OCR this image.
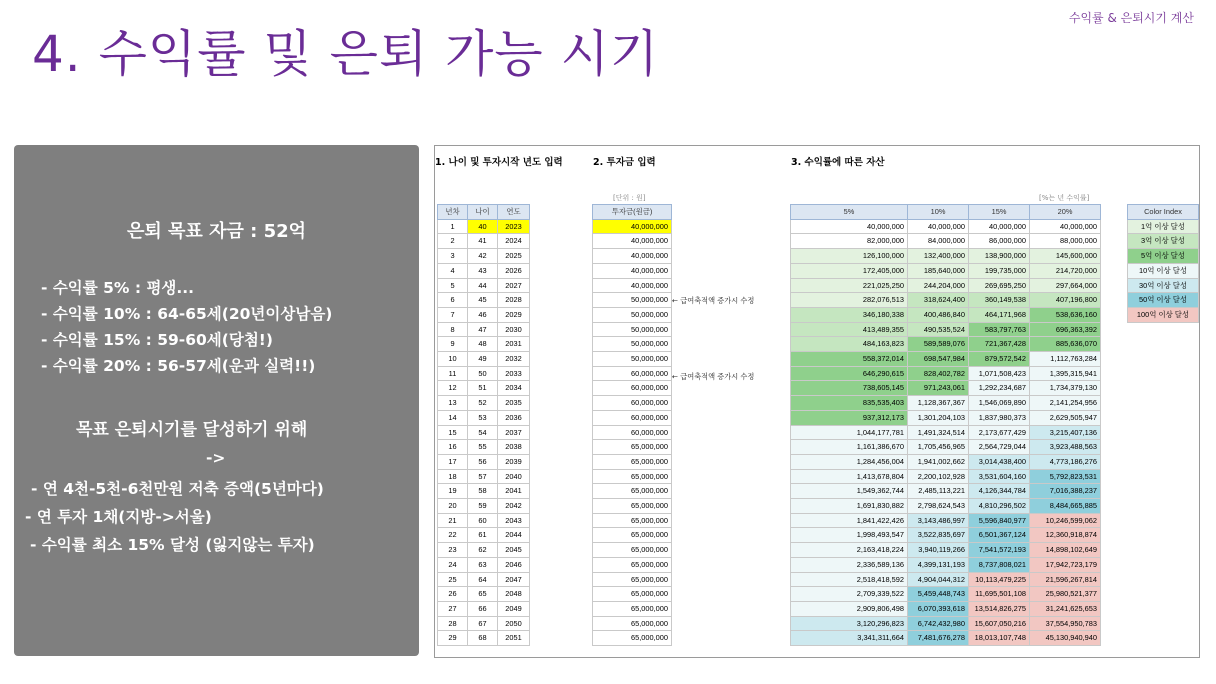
수익률 & 은퇴시기 계산
4. 수익률 및 은퇴 가능 시기
은퇴 목표 자금 : 52억
- 수익률 5% : 평생...
- 수익률 10% : 64-65세(20년이상남음)
- 수익률 15% : 59-60세(당첨!)
- 수익률 20% : 56-57세(운과 실력!!)
목표 은퇴시기를 달성하기 위해
->
- 연 4천-5천-6천만원 저축 증액(5년마다)
- 연 투자 1채(지방->서울)
- 수익률 최소 15% 달성 (잃지않는 투자)
1. 나이 및 투자시작 년도 입력	2. 투자금 입력	3. 수익률에 따른 자산
[단위 : 원]	[%는 년 수익률]
년차	나이	연도
1	40	2023
2	41	2024
3	42	2025
4	43	2026
5	44	2027
6	45	2028
7	46	2029
8	47	2030
9	48	2031
10	49	2032
11	50	2033
12	51	2034
13	52	2035
14	53	2036
15	54	2037
16	55	2038
17	56	2039
18	57	2040
19	58	2041
20	59	2042
21	60	2043
22	61	2044
23	62	2045
24	63	2046
25	64	2047
26	65	2048
27	66	2049
28	67	2050
29	68	2051
투자금(원금)
40,000,000
40,000,000
40,000,000
40,000,000
40,000,000
50,000,000
50,000,000
50,000,000
50,000,000
50,000,000
60,000,000
60,000,000
60,000,000
60,000,000
60,000,000
65,000,000
65,000,000
65,000,000
65,000,000
65,000,000
65,000,000
65,000,000
65,000,000
65,000,000
65,000,000
65,000,000
65,000,000
65,000,000
65,000,000
← 급여축적액 증가시 수정
← 급여축적액 증가시 수정
5%	10%	15%	20%
40,000,000	40,000,000	40,000,000	40,000,000
82,000,000	84,000,000	86,000,000	88,000,000
126,100,000	132,400,000	138,900,000	145,600,000
172,405,000	185,640,000	199,735,000	214,720,000
221,025,250	244,204,000	269,695,250	297,664,000
282,076,513	318,624,400	360,149,538	407,196,800
346,180,338	400,486,840	464,171,968	538,636,160
413,489,355	490,535,524	583,797,763	696,363,392
484,163,823	589,589,076	721,367,428	885,636,070
558,372,014	698,547,984	879,572,542	1,112,763,284
646,290,615	828,402,782	1,071,508,423	1,395,315,941
738,605,145	971,243,061	1,292,234,687	1,734,379,130
835,535,403	1,128,367,367	1,546,069,890	2,141,254,956
937,312,173	1,301,204,103	1,837,980,373	2,629,505,947
1,044,177,781	1,491,324,514	2,173,677,429	3,215,407,136
1,161,386,670	1,705,456,965	2,564,729,044	3,923,488,563
1,284,456,004	1,941,002,662	3,014,438,400	4,773,186,276
1,413,678,804	2,200,102,928	3,531,604,160	5,792,823,531
1,549,362,744	2,485,113,221	4,126,344,784	7,016,388,237
1,691,830,882	2,798,624,543	4,810,296,502	8,484,665,885
1,841,422,426	3,143,486,997	5,596,840,977	10,246,599,062
1,998,493,547	3,522,835,697	6,501,367,124	12,360,918,874
2,163,418,224	3,940,119,266	7,541,572,193	14,898,102,649
2,336,589,136	4,399,131,193	8,737,808,021	17,942,723,179
2,518,418,592	4,904,044,312	10,113,479,225	21,596,267,814
2,709,339,522	5,459,448,743	11,695,501,108	25,980,521,377
2,909,806,498	6,070,393,618	13,514,826,275	31,241,625,653
3,120,296,823	6,742,432,980	15,607,050,216	37,554,950,783
3,341,311,664	7,481,676,278	18,013,107,748	45,130,940,940
Color Index
1억 이상 달성
3억 이상 달성
5억 이상 달성
10억 이상 달성
30억 이상 달성
50억 이상 달성
100억 이상 달성
